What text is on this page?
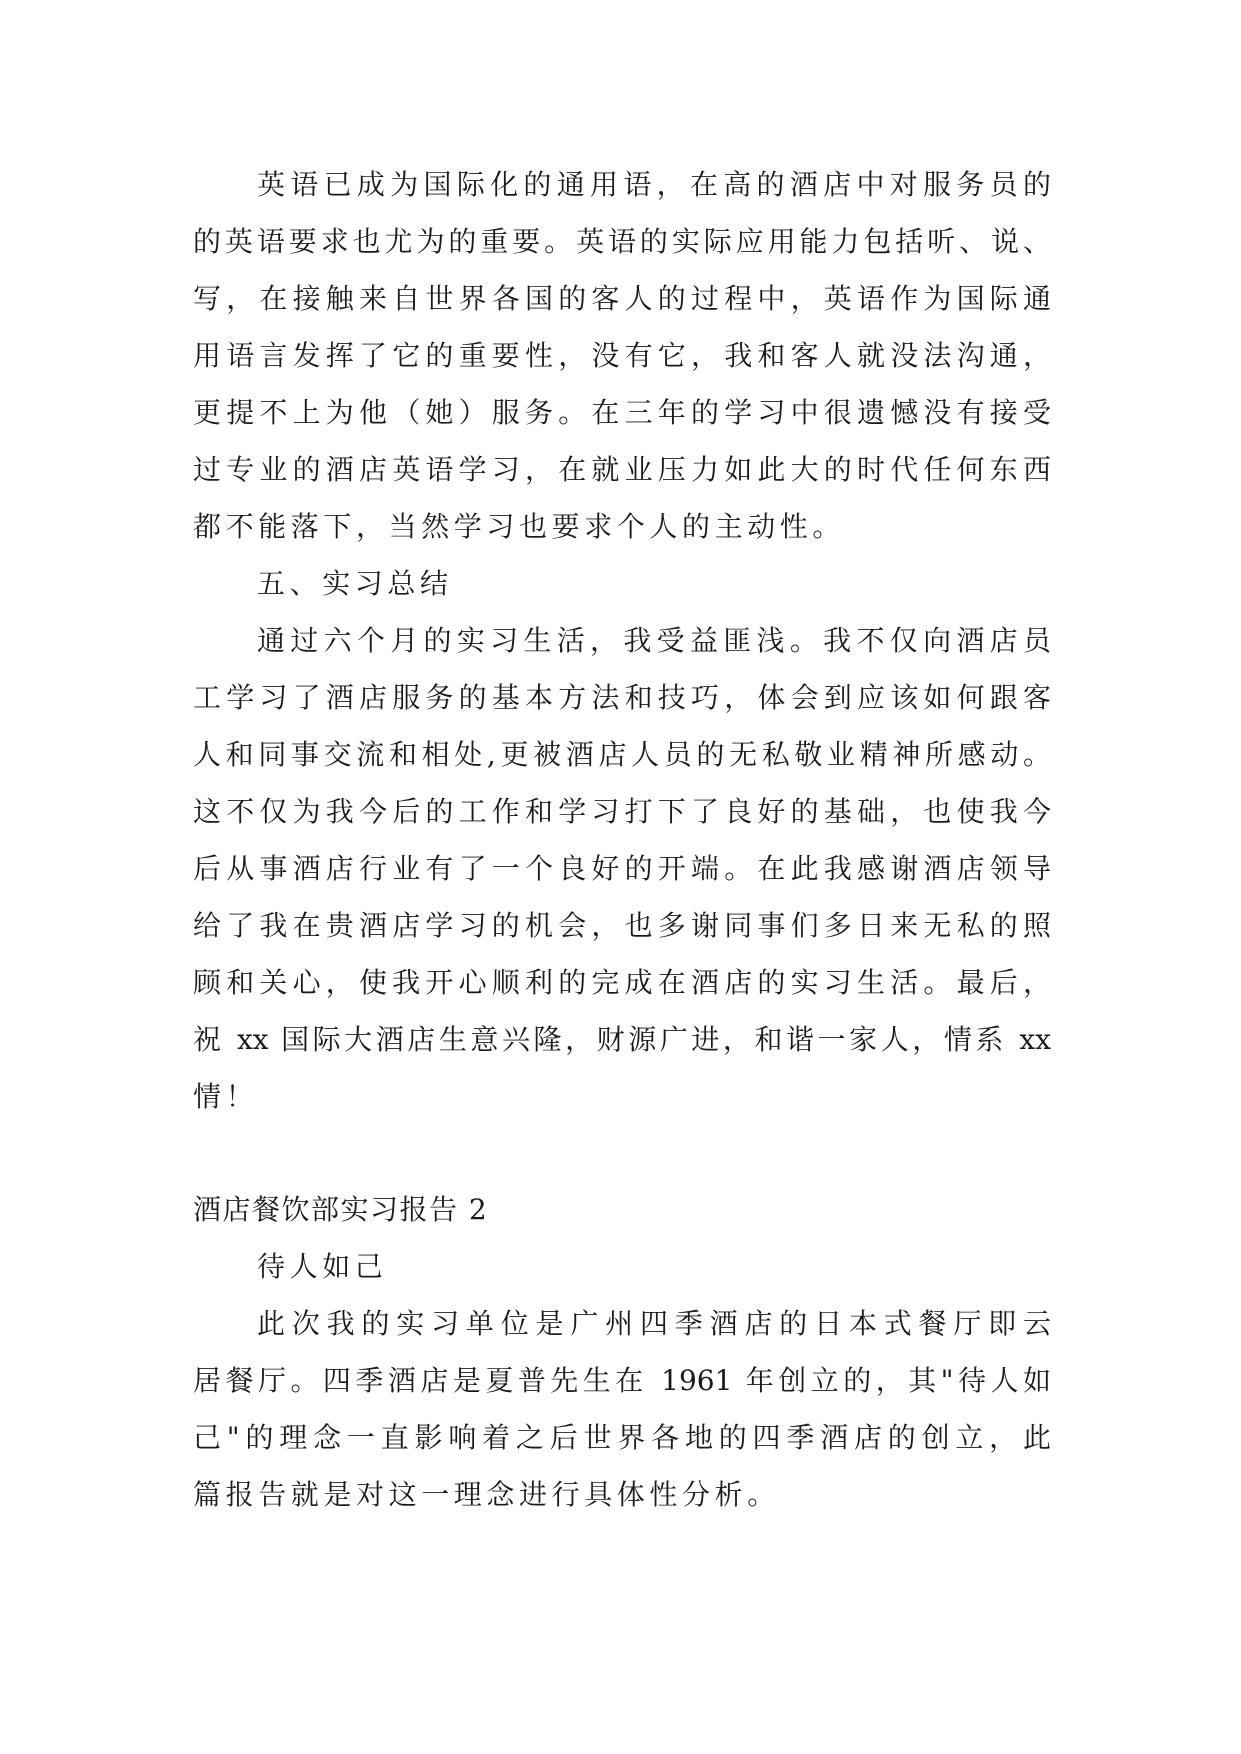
英语已成为国际化的通用语，在高的酒店中对服务员的
的英语要求也尤为的重要。英语的实际应用能力包括听、说、
写，在接触来自世界各国的客人的过程中，英语作为国际通
用语言发挥了它的重要性，没有它，我和客人就没法沟通，
更提不上为他（她）服务。在三年的学习中很遗憾没有接受
过专业的酒店英语学习，在就业压力如此大的时代任何东西
都不能落下，当然学习也要求个人的主动性。
五、实习总结
通过六个月的实习生活，我受益匪浅。我不仅向酒店员
工学习了酒店服务的基本方法和技巧，体会到应该如何跟客
人和同事交流和相处,更被酒店人员的无私敬业精神所感动。
这不仅为我今后的工作和学习打下了良好的基础，也使我今
后从事酒店行业有了一个良好的开端。在此我感谢酒店领导
给了我在贵酒店学习的机会，也多谢同事们多日来无私的照
顾和关心，使我开心顺利的完成在酒店的实习生活。最后，
祝 xx 国际大酒店生意兴隆，财源广进，和谐一家人，情系 xx
情！
酒店餐饮部实习报告 2
待人如己
此次我的实习单位是广州四季酒店的日本式餐厅即云
居餐厅。四季酒店是夏普先生在 1961 年创立的，其"待人如
己"的理念一直影响着之后世界各地的四季酒店的创立，此
篇报告就是对这一理念进行具体性分析。
